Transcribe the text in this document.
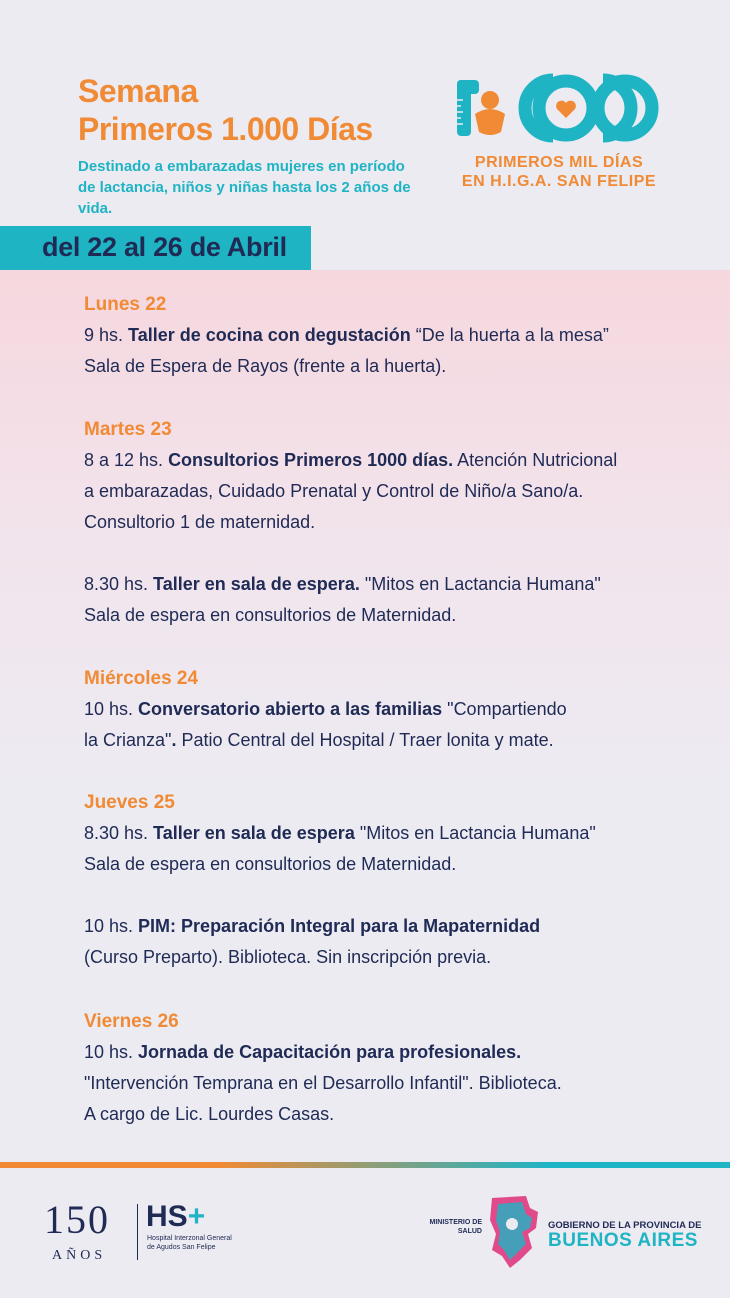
Semana
Primeros 1.000 Días
Destinado a embarazadas mujeres en período de lactancia, niños y niñas hasta los 2 años de vida.
PRIMEROS MIL DÍAS
EN H.I.G.A. SAN FELIPE
del 22 al 26 de Abril
Lunes 22
9 hs. Taller de cocina con degustación “De la huerta a la mesa”
Sala de Espera de Rayos (frente a la huerta).
Martes 23
8 a 12 hs. Consultorios Primeros 1000 días. Atención Nutricional
a embarazadas, Cuidado Prenatal y Control de Niño/a Sano/a.
Consultorio 1 de maternidad.
8.30 hs. Taller en sala de espera. "Mitos en Lactancia Humana"
Sala de espera en consultorios de Maternidad.
Miércoles 24
10 hs. Conversatorio abierto a las familias "Compartiendo
la Crianza". Patio Central del Hospital / Traer lonita y mate.
Jueves 25
8.30 hs. Taller en sala de espera "Mitos en Lactancia Humana"
Sala de espera en consultorios de Maternidad.
10 hs. PIM: Preparación Integral para la Mapaternidad
(Curso Preparto). Biblioteca. Sin inscripción previa.
Viernes 26
10 hs. Jornada de Capacitación para profesionales.
"Intervención Temprana en el Desarrollo Infantil". Biblioteca.
A cargo de Lic. Lourdes Casas.
150
AÑOS
HS+
Hospital Interzonal General de Agudos San Felipe
MINISTERIO DE SALUD
GOBIERNO DE LA PROVINCIA DE
BUENOS AIRES
